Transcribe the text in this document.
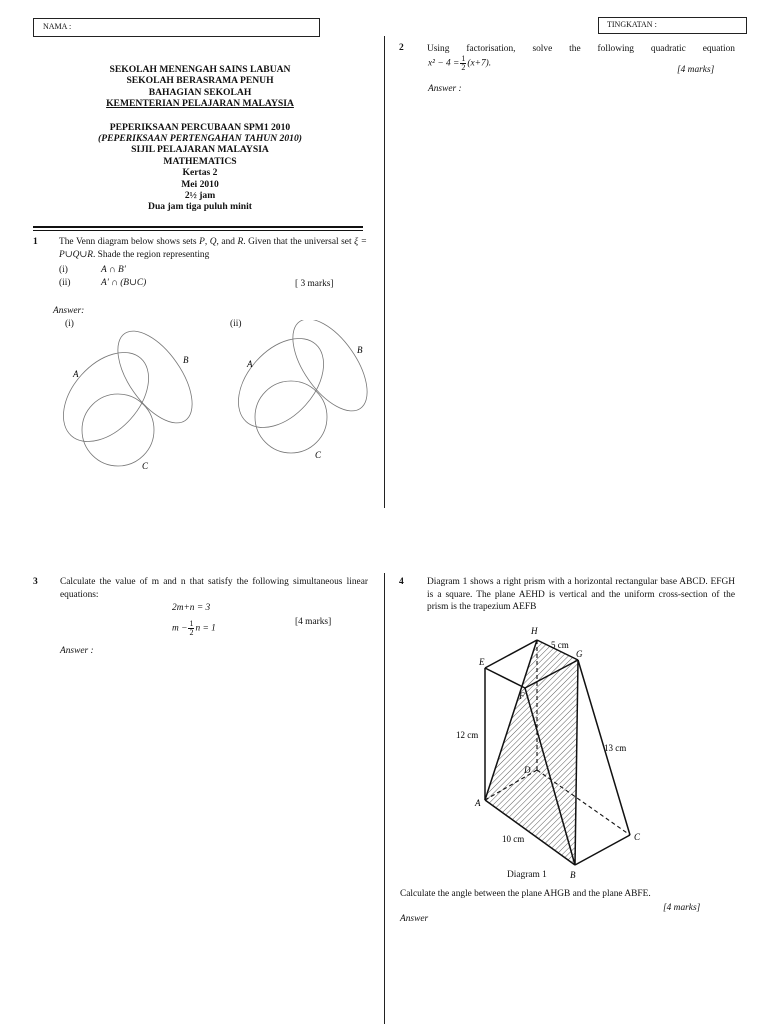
NAMA :	TINGKATAN :
SEKOLAH MENENGAH SAINS LABUAN
SEKOLAH BERASRAMA PENUH
BAHAGIAN SEKOLAH
KEMENTERIAN PELAJARAN MALAYSIA
PEPERIKSAAN PERCUBAAN SPM1 2010
(PEPERIKSAAN PERTENGAHAN TAHUN 2010)
SIJIL PELAJARAN MALAYSIA
MATHEMATICS
Kertas 2
Mei 2010
2½ jam
Dua jam tiga puluh minit
1 The Venn diagram below shows sets P, Q, and R. Given that the universal set ξ = P∪Q∪R. Shade the region representing
(i)	A ∩ B'
(ii)	A' ∩ (B∪C)	[ 3 marks]
Answer:
(i)	(ii)
A
B
C
A
B
C
2 Using factorisation, solve the following quadratic equation
$x^2 - 4 = \frac{1}{2} (x+7)$.
[4 marks]
Answer :
3 Calculate the value of m and n that satisfy the following simultaneous linear equations:
2m+n = 3
$m - \frac{1}{2}$ n = 1
[4 marks]
Answer :
4 Diagram 1 shows a right prism with a horizontal rectangular base ABCD. EFGH is a square. The plane AEHD is vertical and the uniform cross-section of the prism is the trapezium AEFB
H
G
E
F
D
A
B
C
5 cm
12 cm
13 cm
10 cm
Diagram 1
Calculate the angle between the plane AHGB and the plane ABFE.
[4 marks]
Answer
